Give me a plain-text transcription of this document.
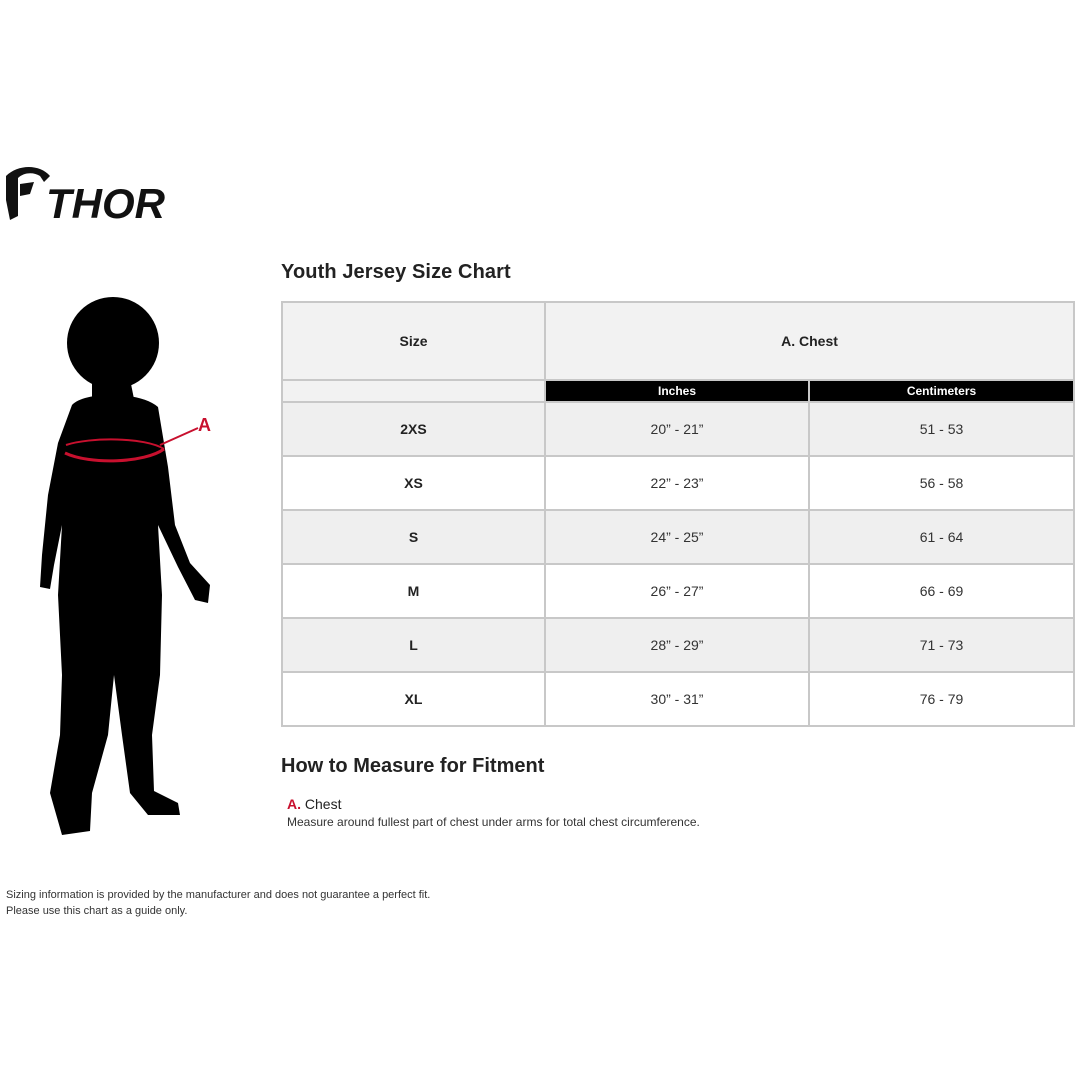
THOR
A
Youth Jersey Size Chart
Size	A. Chest	

	Inches	Centimeters
2XS	20” - 21”	51 - 53
XS	22” - 23”	56 - 58
S	24” - 25”	61 - 64
M	26” - 27”	66 - 69
L	28” - 29”	71 - 73
XL	30” - 31”	76 - 79
How to Measure for Fitment
A. Chest
Measure around fullest part of chest under arms for total chest circumference.
Sizing information is provided by the manufacturer and does not guarantee a perfect fit.
Please use this chart as a guide only.
